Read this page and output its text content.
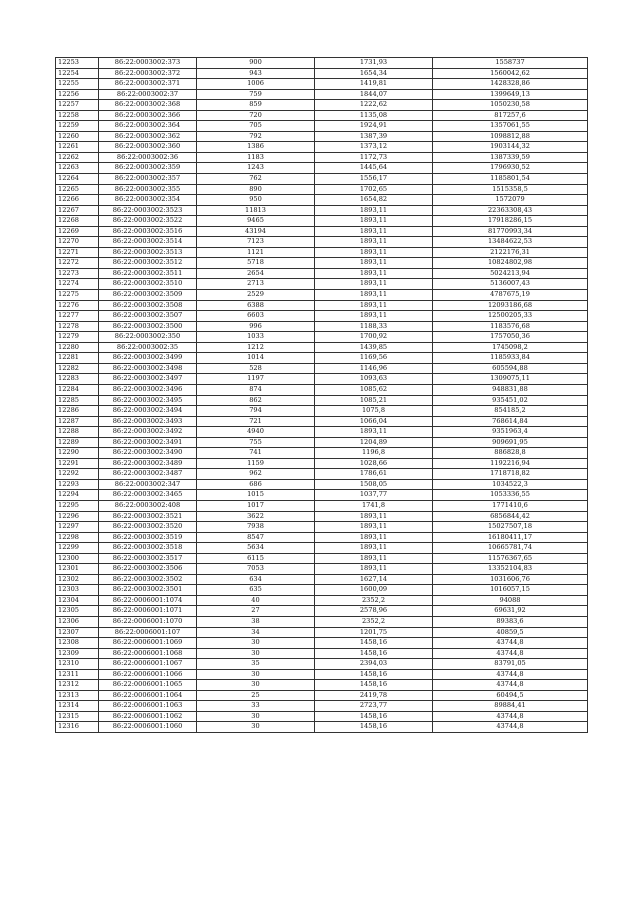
12253	86:22:0003002:373	900	1731,93	1558737
12254	86:22:0003002:372	943	1654,34	1560042,62
12255	86:22:0003002:371	1006	1419,81	1428328,86
12256	86:22:0003002:37	759	1844,07	1399649,13
12257	86:22:0003002:368	859	1222,62	1050230,58
12258	86:22:0003002:366	720	1135,08	817257,6
12259	86:22:0003002:364	705	1924,91	1357061,55
12260	86:22:0003002:362	792	1387,39	1098812,88
12261	86:22:0003002:360	1386	1373,12	1903144,32
12262	86:22:0003002:36	1183	1172,73	1387339,59
12263	86:22:0003002:359	1243	1445,64	1796930,52
12264	86:22:0003002:357	762	1556,17	1185801,54
12265	86:22:0003002:355	890	1702,65	1515358,5
12266	86:22:0003002:354	950	1654,82	1572079
12267	86:22:0003002:3523	11813	1893,11	22363308,43
12268	86:22:0003002:3522	9465	1893,11	17918286,15
12269	86:22:0003002:3516	43194	1893,11	81770993,34
12270	86:22:0003002:3514	7123	1893,11	13484622,53
12271	86:22:0003002:3513	1121	1893,11	2122176,31
12272	86:22:0003002:3512	5718	1893,11	10824802,98
12273	86:22:0003002:3511	2654	1893,11	5024213,94
12274	86:22:0003002:3510	2713	1893,11	5136007,43
12275	86:22:0003002:3509	2529	1893,11	4787675,19
12276	86:22:0003002:3508	6388	1893,11	12093186,68
12277	86:22:0003002:3507	6603	1893,11	12500205,33
12278	86:22:0003002:3500	996	1188,33	1183576,68
12279	86:22:0003002:350	1033	1700,92	1757050,36
12280	86:22:0003002:35	1212	1439,85	1745098,2
12281	86:22:0003002:3499	1014	1169,56	1185933,84
12282	86:22:0003002:3498	528	1146,96	605594,88
12283	86:22:0003002:3497	1197	1093,63	1309075,11
12284	86:22:0003002:3496	874	1085,62	948831,88
12285	86:22:0003002:3495	862	1085,21	935451,02
12286	86:22:0003002:3494	794	1075,8	854185,2
12287	86:22:0003002:3493	721	1066,04	768614,84
12288	86:22:0003002:3492	4940	1893,11	9351963,4
12289	86:22:0003002:3491	755	1204,89	909691,95
12290	86:22:0003002:3490	741	1196,8	886828,8
12291	86:22:0003002:3489	1159	1028,66	1192216,94
12292	86:22:0003002:3487	962	1786,61	1718718,82
12293	86:22:0003002:347	686	1508,05	1034522,3
12294	86:22:0003002:3465	1015	1037,77	1053336,55
12295	86:22:0003002:408	1017	1741,8	1771410,6
12296	86:22:0003002:3521	3622	1893,11	6856844,42
12297	86:22:0003002:3520	7938	1893,11	15027507,18
12298	86:22:0003002:3519	8547	1893,11	16180411,17
12299	86:22:0003002:3518	5634	1893,11	10665781,74
12300	86:22:0003002:3517	6115	1893,11	11576367,65
12301	86:22:0003002:3506	7053	1893,11	13352104,83
12302	86:22:0003002:3502	634	1627,14	1031606,76
12303	86:22:0003002:3501	635	1600,09	1016057,15
12304	86:22:0006001:1074	40	2352,2	94088
12305	86:22:0006001:1071	27	2578,96	69631,92
12306	86:22:0006001:1070	38	2352,2	89383,6
12307	86:22:0006001:107	34	1201,75	40859,5
12308	86:22:0006001:1069	30	1458,16	43744,8
12309	86:22:0006001:1068	30	1458,16	43744,8
12310	86:22:0006001:1067	35	2394,03	83791,05
12311	86:22:0006001:1066	30	1458,16	43744,8
12312	86:22:0006001:1065	30	1458,16	43744,8
12313	86:22:0006001:1064	25	2419,78	60494,5
12314	86:22:0006001:1063	33	2723,77	89884,41
12315	86:22:0006001:1062	30	1458,16	43744,8
12316	86:22:0006001:1060	30	1458,16	43744,8
